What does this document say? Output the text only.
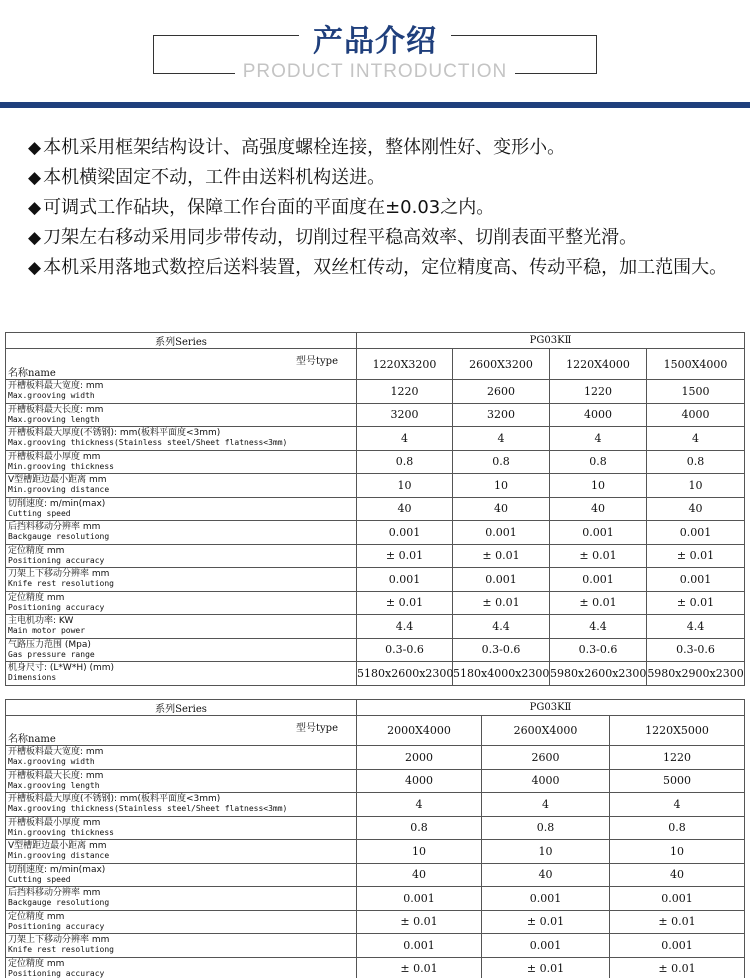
产品介绍
PRODUCT INTRODUCTION
◆ 本机采用框架结构设计、高强度螺栓连接，整体刚性好、变形小。
◆ 本机横梁固定不动，工件由送料机构送进。
◆ 可调式工作砧块，保障工作台面的平面度在±0.03之内。
◆ 刀架左右移动采用同步带传动，切削过程平稳高效率、切削表面平整光滑。
◆ 本机采用落地式数控后送料装置，双丝杠传动，定位精度高、传动平稳，加工范围大。
系列Series	PG03KⅡ			

型号type
名称name	1220X3200	2600X3200	1220X4000	1500X4000

开槽板料最大宽度: mm
Max.grooving width	1220	2600	1220	1500

开槽板料最大长度: mm
Max.grooving length	3200	3200	4000	4000

开槽板料最大厚度(不锈钢): mm(板料平面度<3mm)
Max.grooving thickness(Stainless steel/Sheet flatness<3mm)	4	4	4	4

开槽板料最小厚度 mm
Min.grooving thickness	0.8	0.8	0.8	0.8

V型槽距边最小距离 mm
Min.grooving distance	10	10	10	10

切削速度: m/min(max)
Cutting speed	40	40	40	40

后挡料移动分辨率 mm
Backgauge resolutiong	0.001	0.001	0.001	0.001

定位精度 mm
Positioning accuracy	± 0.01	± 0.01	± 0.01	± 0.01

刀架上下移动分辨率 mm
Knife rest resolutiong	0.001	0.001	0.001	0.001

定位精度 mm
Positioning accuracy	± 0.01	± 0.01	± 0.01	± 0.01

主电机功率: KW
Main motor power	4.4	4.4	4.4	4.4

气路压力范围 (Mpa)
Gas pressure range	0.3-0.6	0.3-0.6	0.3-0.6	0.3-0.6

机身尺寸: (L*W*H) (mm)
Dimensions	5180x2600x2300	5180x4000x2300	5980x2600x2300	5980x2900x2300
系列Series	PG03KⅡ		

型号type
名称name	2000X4000	2600X4000	1220X5000

开槽板料最大宽度: mm
Max.grooving width	2000	2600	1220

开槽板料最大长度: mm
Max.grooving length	4000	4000	5000

开槽板料最大厚度(不锈钢): mm(板料平面度<3mm)
Max.grooving thickness(Stainless steel/Sheet flatness<3mm)	4	4	4

开槽板料最小厚度 mm
Min.grooving thickness	0.8	0.8	0.8

V型槽距边最小距离 mm
Min.grooving distance	10	10	10

切削速度: m/min(max)
Cutting speed	40	40	40

后挡料移动分辨率 mm
Backgauge resolutiong	0.001	0.001	0.001

定位精度 mm
Positioning accuracy	± 0.01	± 0.01	± 0.01

刀架上下移动分辨率 mm
Knife rest resolutiong	0.001	0.001	0.001

定位精度 mm
Positioning accuracy	± 0.01	± 0.01	± 0.01
